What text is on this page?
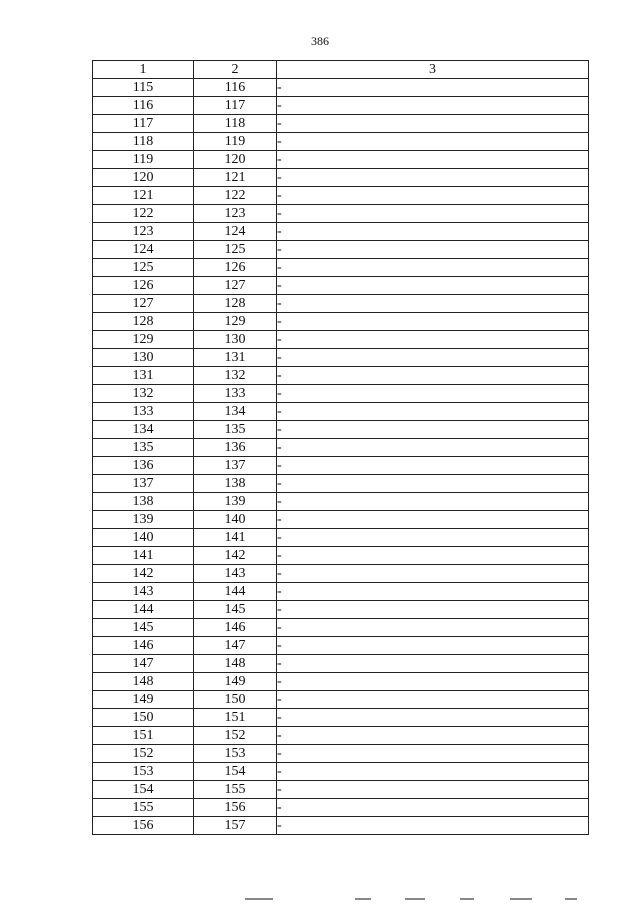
386
1	2	3
115	116	-
116	117	-
117	118	-
118	119	-
119	120	-
120	121	-
121	122	-
122	123	-
123	124	-
124	125	-
125	126	-
126	127	-
127	128	-
128	129	-
129	130	-
130	131	-
131	132	-
132	133	-
133	134	-
134	135	-
135	136	-
136	137	-
137	138	-
138	139	-
139	140	-
140	141	-
141	142	-
142	143	-
143	144	-
144	145	-
145	146	-
146	147	-
147	148	-
148	149	-
149	150	-
150	151	-
151	152	-
152	153	-
153	154	-
154	155	-
155	156	-
156	157	-
